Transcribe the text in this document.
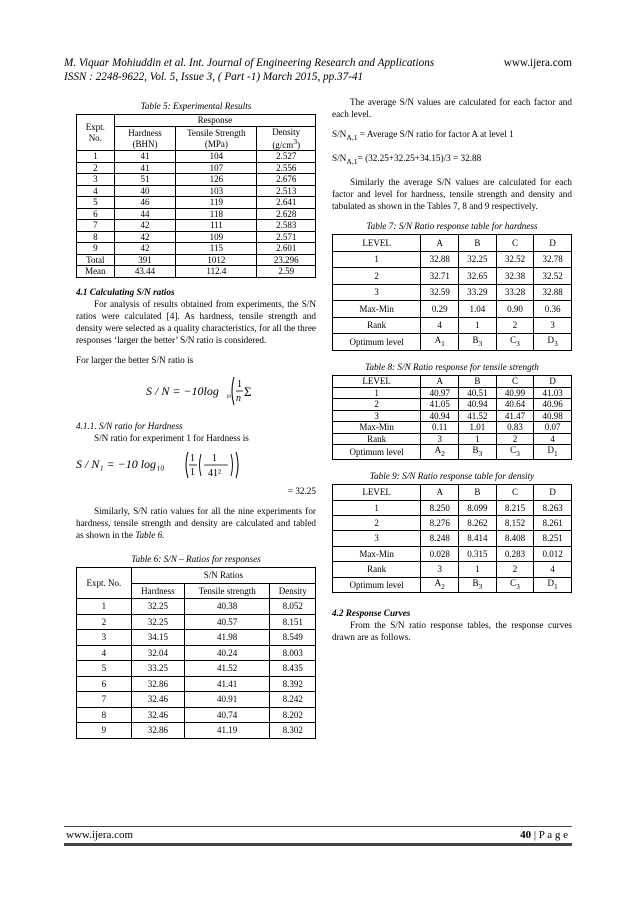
M. Viquar Mohiuddin et al. Int. Journal of Engineering Research and Applications
ISSN : 2248-9622, Vol. 5, Issue 3, ( Part -1) March 2015, pp.37-41
www.ijera.com
Table 5: Experimental Results
Expt. No.	Response		
	Hardness (BHN)	Tensile Strength (MPa)	Density $(g/cm^3)$
1	41	104	2.527
2	41	107	2.556
3	51	126	2.676
4	40	103	2.513
5	46	119	2.641
6	44	118	2.628
7	42	111	2.583
8	42	109	2.571
9	42	115	2.601
Total	391	1012	23.296
Mean	43.44	112.4	2.59

4.1 Calculating S/N ratios

For analysis of results obtained from experiments, the S/N ratios were calculated [4]. As hardness, tensile strength and density were selected as a quality characteristics, for all the three responses ‘larger the better’ S/N ratio is considered.

For larger the better S/N ratio is

S / N = −10log 10
1
n Σ

4.1.1. S/N ratio for Hardness

S/N ratio for experiment 1 for Hardness is

S / N₁ = −10 log₁₀	1
1
1
41²

= 32.25

Similarly, S/N ratio values for all the nine experiments for hardness, tensile strength and density are calculated and tabled as shown in the Table 6.

Table 6: S/N – Ratios for responses
Expt. No.	S/N Ratios		
	Hardness	Tensile strength	Density
1	32.25	40.38	8.052
2	32.25	40.57	8.151
3	34.15	41.98	8.549
4	32.04	40.24	8.003
5	33.25	41.52	8.435
6	32.86	41.41	8.392
7	32.46	40.91	8.242
8	32.46	40.74	8.202
9	32.86	41.19	8.302

The average S/N values are calculated for each factor and each level.

$S/N_{A,1}$ = Average S/N ratio for factor A at level 1

$S/N_{A,1}= (32.25+32.25+34.15)/3 = 32.88$

Similarly the average S/N values are calculated for each factor and level for hardness, tensile strength and density and tabulated as shown in the Tables 7, 8 and 9 respectively.

Table 7: S/N Ratio response table for hardness
LEVEL	A	B	C	D
1	32.88	32.25	32.52	32.78
2	32.71	32.65	32.38	32.52
3	32.59	33.29	33.28	32.88
Max-Min	0.29	1.04	0.90	0.36
Rank	4	1	2	3
Optimum level	$A_1$	$B_3$	$C_3$	$D_3$
Table 8: S/N Ratio response for tensile strength
LEVEL	A	B	C	D
1	40.97	40.51	40.99	41.03
2	41.05	40.94	40.64	40.96
3	40.94	41.52	41.47	40.98
Max-Min	0.11	1.01	0.83	0.07
Rank	3	1	2	4
Optimum level	$A_2$	$B_3$	$C_3$	$D_1$
Table 9: S/N Ratio response table for density
LEVEL	A	B	C	D
1	8.250	8.099	8.215	8.263
2	8.276	8.262	8.152	8.261
3	8.248	8.414	8.408	8.251
Max-Min	0.028	0.315	0.283	0.012
Rank	3	1	2	4
Optimum level	$A_2$	$B_3$	$C_3$	$D_1$

4.2 Response Curves

From the S/N ratio response tables, the response curves drawn are as follows.

www.ijera.com	40 | P a g e
